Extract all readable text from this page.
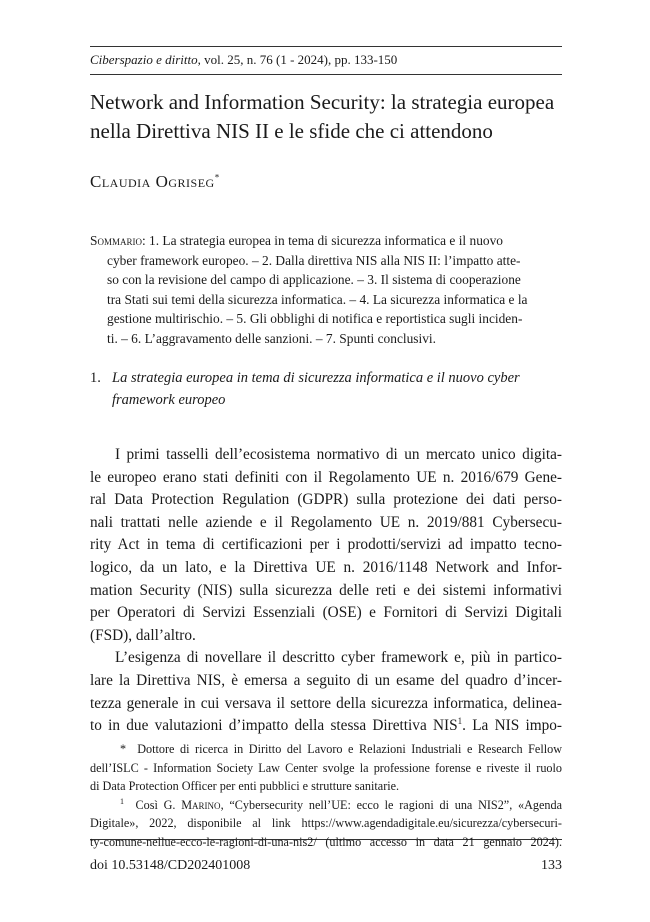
Ciberspazio e diritto, vol. 25, n. 76 (1 - 2024), pp. 133-150
Network and Information Security: la strategia europea
nella Direttiva NIS II e le sfide che ci attendono
Claudia Ogriseg*
Sommario: 1. La strategia europea in tema di sicurezza informatica e il nuovo
cyber framework europeo. – 2. Dalla direttiva NIS alla NIS II: l’impatto atte-
so con la revisione del campo di applicazione. – 3. Il sistema di cooperazione
tra Stati sui temi della sicurezza informatica. – 4. La sicurezza informatica e la
gestione multirischio. – 5. Gli obblighi di notifica e reportistica sugli inciden-
ti. – 6. L’aggravamento delle sanzioni. – 7. Spunti conclusivi.
1. La strategia europea in tema di sicurezza informatica e il nuovo cyber framework europeo
I primi tasselli dell’ecosistema normativo di un mercato unico digita-
le europeo erano stati definiti con il Regolamento UE n. 2016/679 Gene-
ral Data Protection Regulation (GDPR) sulla protezione dei dati perso-
nali trattati nelle aziende e il Regolamento UE n. 2019/881 Cybersecu-
rity Act in tema di certificazioni per i prodotti/servizi ad impatto tecno-
logico, da un lato, e la Direttiva UE n. 2016/1148 Network and Infor-
mation Security (NIS) sulla sicurezza delle reti e dei sistemi informativi
per Operatori di Servizi Essenziali (OSE) e Fornitori di Servizi Digitali
(FSD), dall’altro.
L’esigenza di novellare il descritto cyber framework e, più in partico-
lare la Direttiva NIS, è emersa a seguito di un esame del quadro d’incer-
tezza generale in cui versava il settore della sicurezza informatica, delinea-
to in due valutazioni d’impatto della stessa Direttiva NIS$^1$. La NIS impo-
* Dottore di ricerca in Diritto del Lavoro e Relazioni Industriali e Research Fellow
dell’ISLC - Information Society Law Center svolge la professione forense e riveste il ruolo
di Data Protection Officer per enti pubblici e strutture sanitarie.
$^1$ Così G. Marino, “Cybersecurity nell’UE: ecco le ragioni di una NIS2”, «Agenda
Digitale», 2022, disponibile al link https://www.agendadigitale.eu/sicurezza/cybersecuri-
ty-comune-nellue-ecco-le-ragioni-di-una-nis2/ (ultimo accesso in data 21 gennaio 2024).
doi 10.53148/CD202401008	133
